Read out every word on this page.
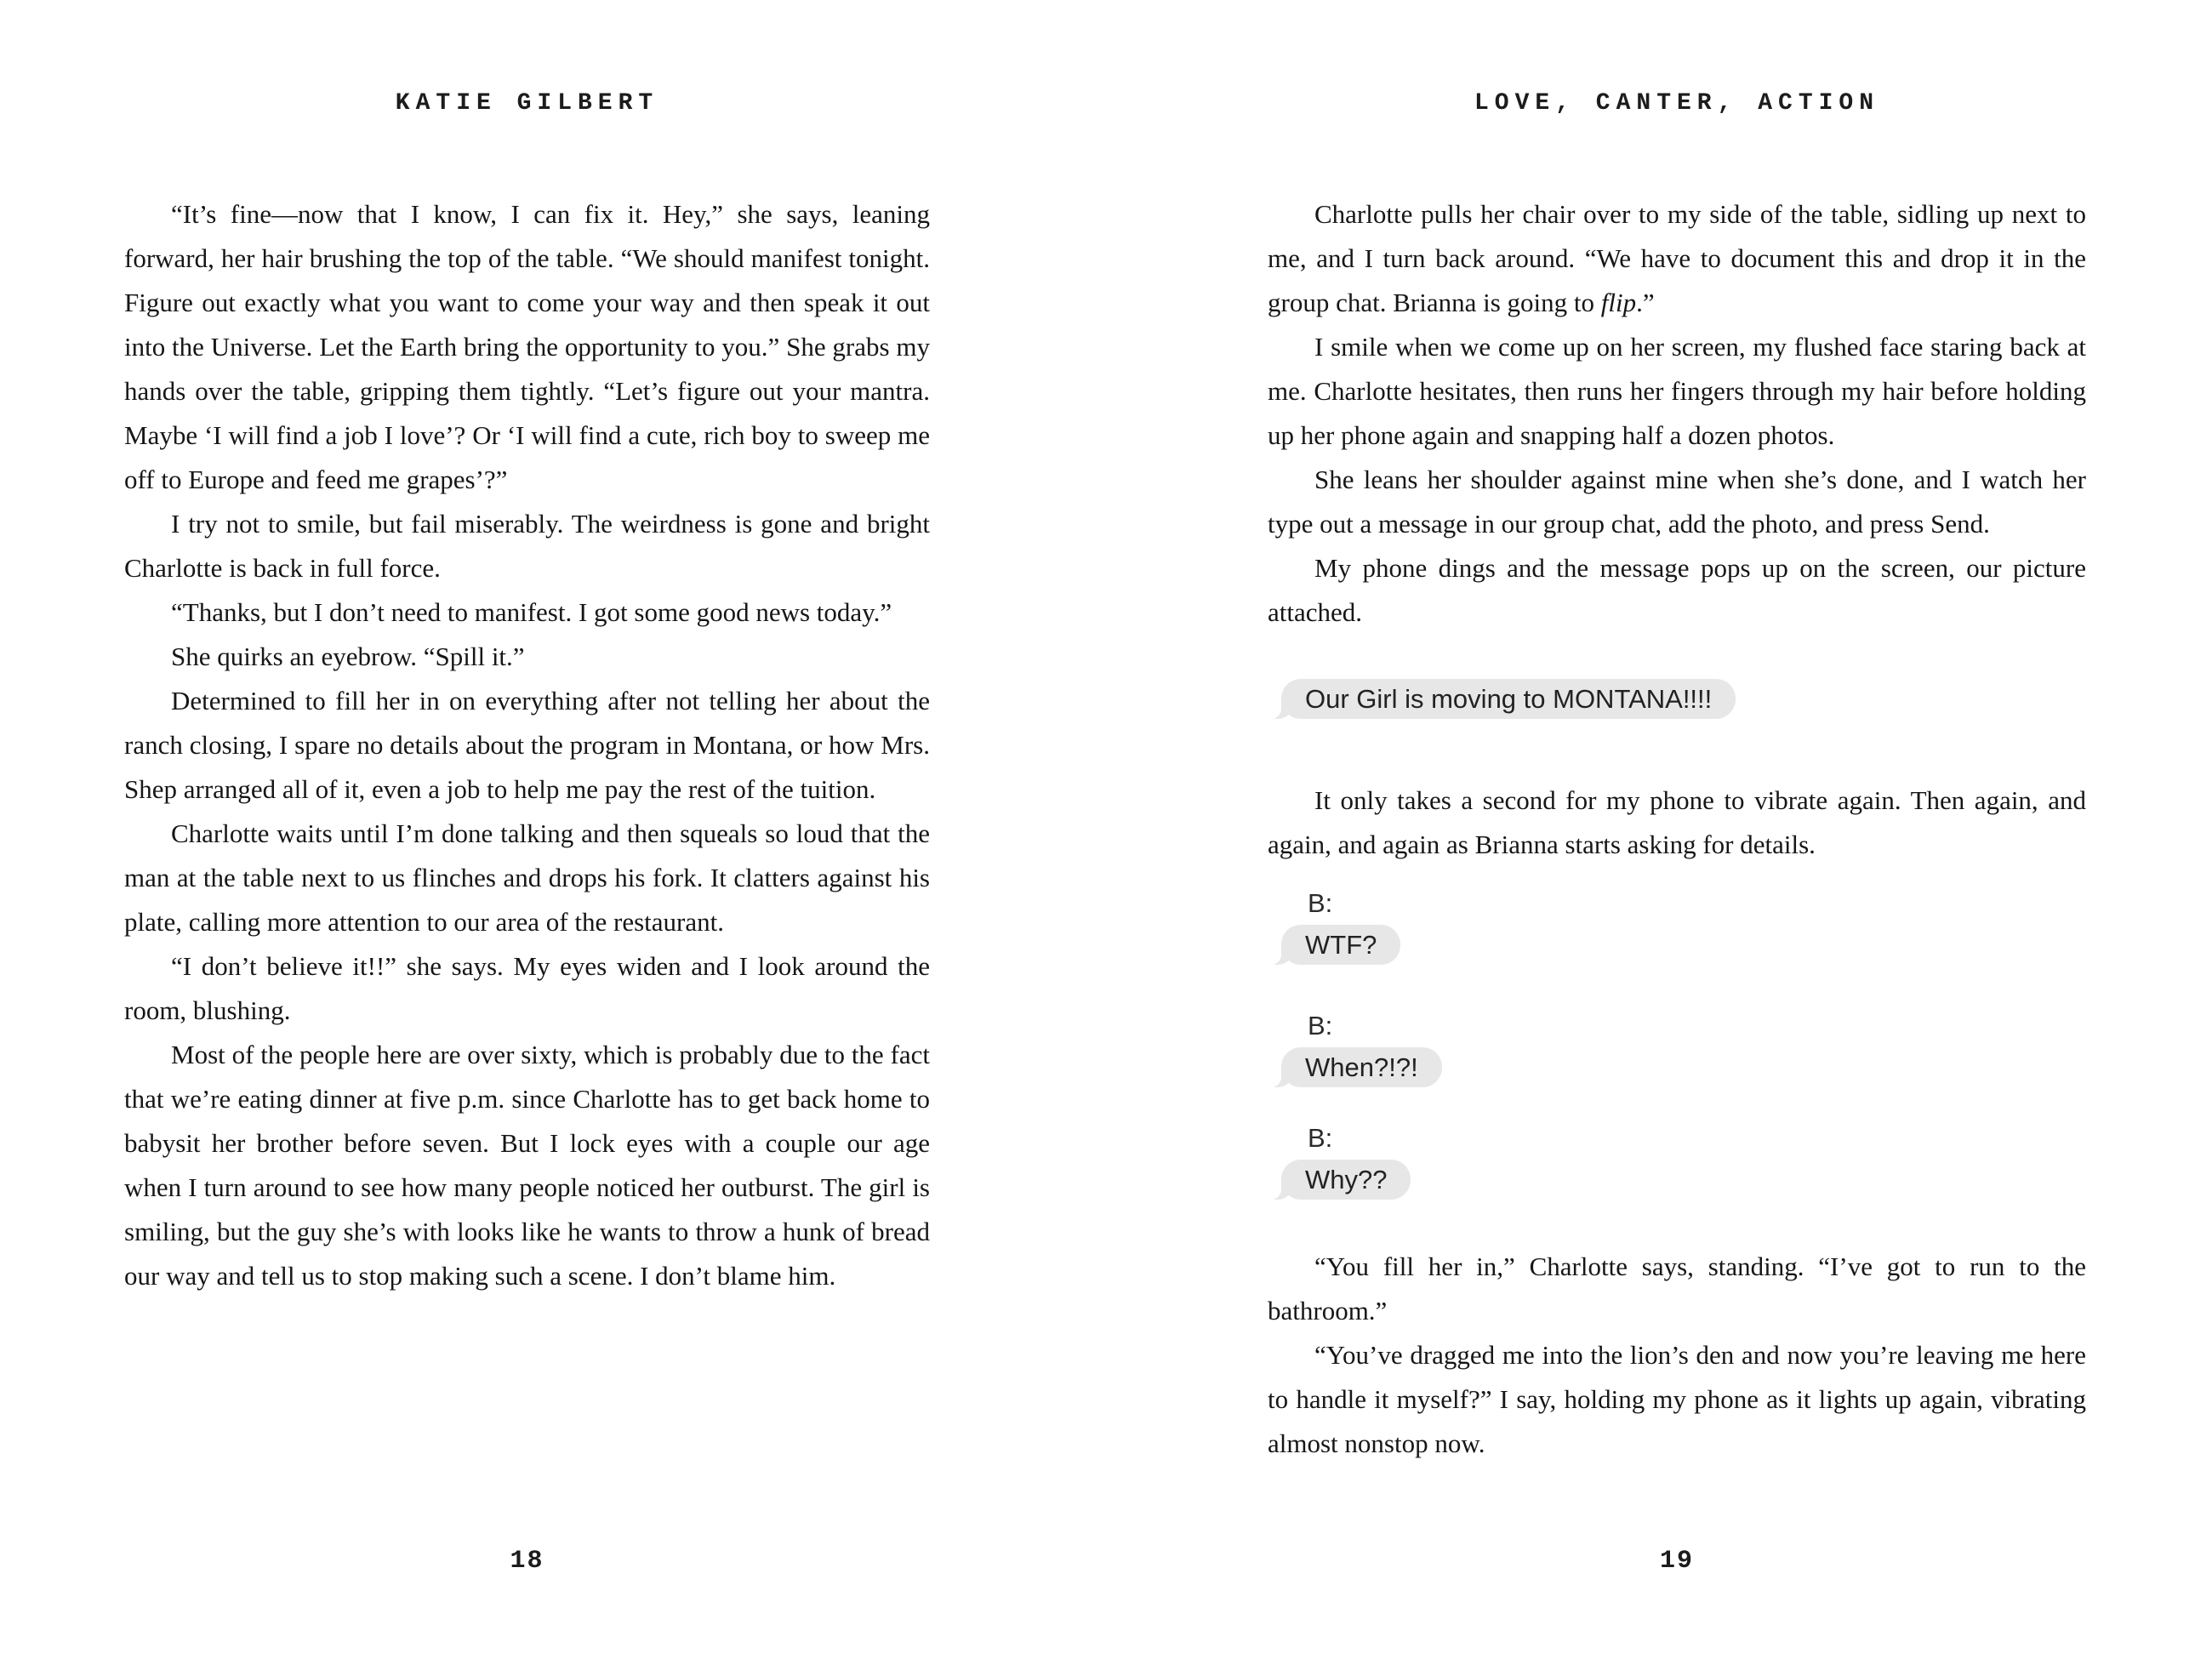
KATIE GILBERT

“It’s fine—now that I know, I can fix it. Hey,” she says, leaning forward, her hair brushing the top of the table. “We should manifest tonight. Figure out exactly what you want to come your way and then speak it out into the Universe. Let the Earth bring the opportunity to you.” She grabs my hands over the table, gripping them tightly. “Let’s figure out your mantra. Maybe ‘I will find a job I love’? Or ‘I will find a cute, rich boy to sweep me off to Europe and feed me grapes’?”

I try not to smile, but fail miserably. The weirdness is gone and bright Charlotte is back in full force.

“Thanks, but I don’t need to manifest. I got some good news today.”

She quirks an eyebrow. “Spill it.”

Determined to fill her in on everything after not telling her about the ranch closing, I spare no details about the program in Montana, or how Mrs. Shep arranged all of it, even a job to help me pay the rest of the tuition.

Charlotte waits until I’m done talking and then squeals so loud that the man at the table next to us flinches and drops his fork. It clatters against his plate, calling more attention to our area of the restaurant.

“I don’t believe it!!” she says. My eyes widen and I look around the room, blushing.

Most of the people here are over sixty, which is probably due to the fact that we’re eating dinner at five p.m. since Charlotte has to get back home to babysit her brother before seven. But I lock eyes with a couple our age when I turn around to see how many people noticed her outburst. The girl is smiling, but the guy she’s with looks like he wants to throw a hunk of bread our way and tell us to stop making such a scene. I don’t blame him.

18
LOVE, CANTER, ACTION

Charlotte pulls her chair over to my side of the table, sidling up next to me, and I turn back around. “We have to document this and drop it in the group chat. Brianna is going to flip.”

I smile when we come up on her screen, my flushed face staring back at me. Charlotte hesitates, then runs her fingers through my hair before holding up her phone again and snapping half a dozen photos.

She leans her shoulder against mine when she’s done, and I watch her type out a message in our group chat, add the photo, and press Send.

My phone dings and the message pops up on the screen, our picture attached.

Our Girl is moving to MONTANA!!!!

It only takes a second for my phone to vibrate again. Then again, and again, and again as Brianna starts asking for details.

B:
WTF?
B:
When?!?!
B:
Why??

“You fill her in,” Charlotte says, standing. “I’ve got to run to the bathroom.”

“You’ve dragged me into the lion’s den and now you’re leaving me here to handle it myself?” I say, holding my phone as it lights up again, vibrating almost nonstop now.

19
